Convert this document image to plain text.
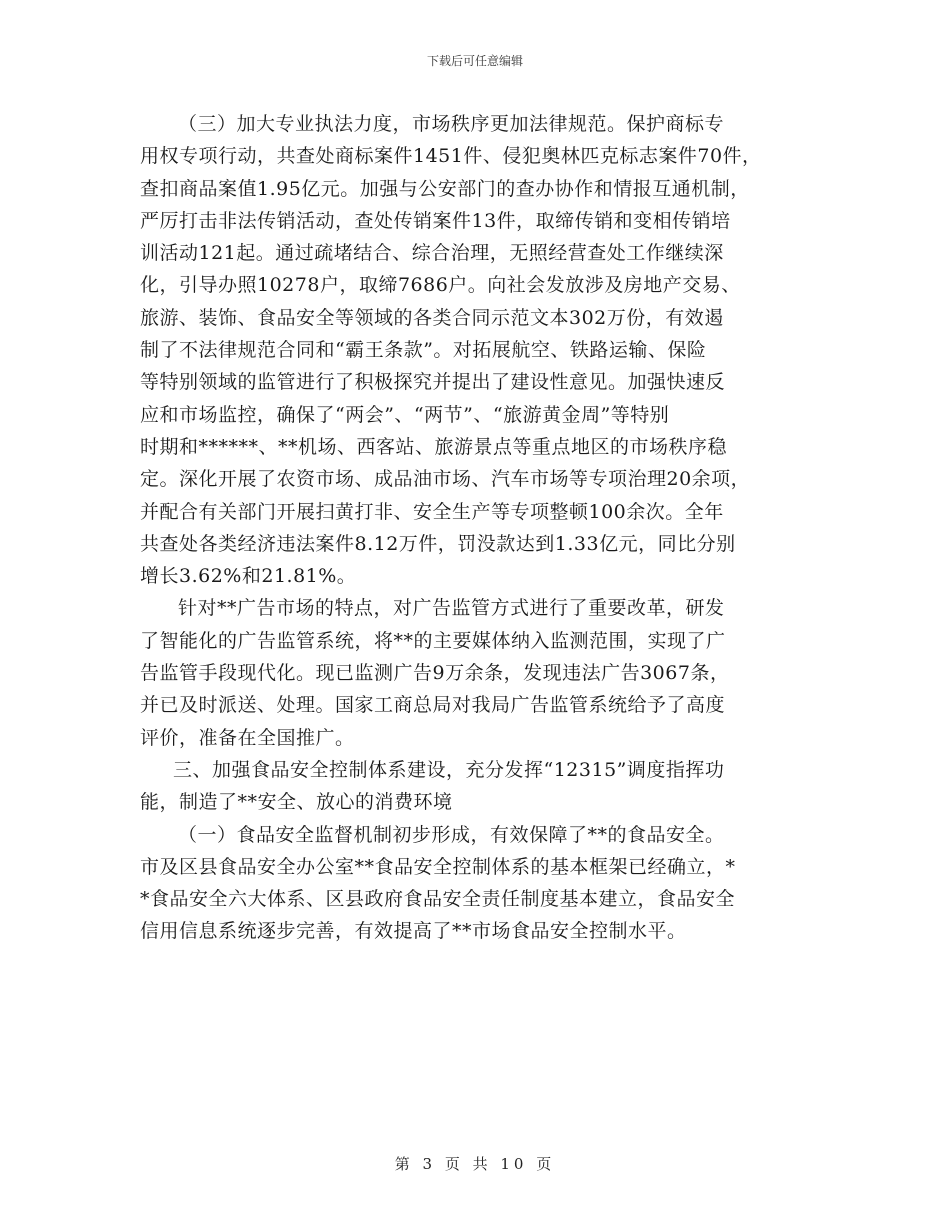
下载后可任意编辑

（三）加大专业执法力度，市场秩序更加法律规范。保护商标专
用权专项行动，共查处商标案件1451件、侵犯奥林匹克标志案件70件，
查扣商品案值1.95亿元。加强与公安部门的查办协作和情报互通机制，
严厉打击非法传销活动，查处传销案件13件，取缔传销和变相传销培
训活动121起。通过疏堵结合、综合治理，无照经营查处工作继续深
化，引导办照10278户，取缔7686户。向社会发放涉及房地产交易、
旅游、装饰、食品安全等领域的各类合同示范文本302万份，有效遏
制了不法律规范合同和“霸王条款”。对拓展航空、铁路运输、保险
等特别领域的监管进行了积极探究并提出了建设性意见。加强快速反
应和市场监控，确保了“两会”、“两节”、“旅游黄金周”等特别
时期和******、**机场、西客站、旅游景点等重点地区的市场秩序稳
定。深化开展了农资市场、成品油市场、汽车市场等专项治理20余项，
并配合有关部门开展扫黄打非、安全生产等专项整顿100余次。全年
共查处各类经济违法案件8.12万件，罚没款达到1.33亿元，同比分别
增长3.62%和21.81%。

针对**广告市场的特点，对广告监管方式进行了重要改革，研发
了智能化的广告监管系统，将**的主要媒体纳入监测范围，实现了广
告监管手段现代化。现已监测广告9万余条，发现违法广告3067条，
并已及时派送、处理。国家工商总局对我局广告监管系统给予了高度
评价，准备在全国推广。

三、加强食品安全控制体系建设，充分发挥“12315”调度指挥功
能，制造了**安全、放心的消费环境

（一）食品安全监督机制初步形成，有效保障了**的食品安全。
市及区县食品安全办公室**食品安全控制体系的基本框架已经确立，*
*食品安全六大体系、区县政府食品安全责任制度基本建立，食品安全
信用信息系统逐步完善，有效提高了**市场食品安全控制水平。

第 3 页 共 10 页
